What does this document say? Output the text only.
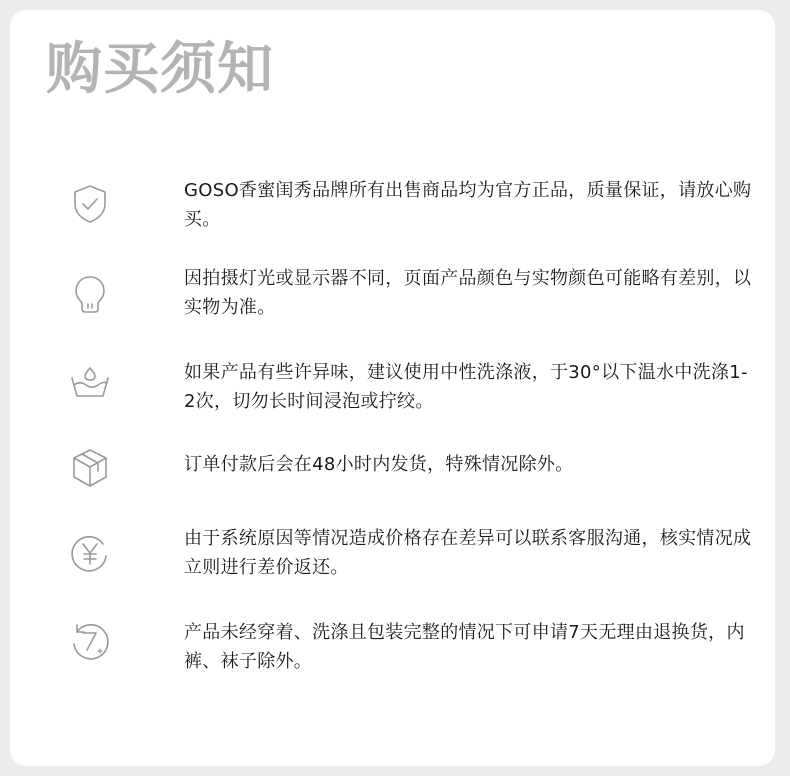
购买须知

GOSO香蜜闺秀品牌所有出售商品均为官方正品，质量保证，请放心购买。

因拍摄灯光或显示器不同，页面产品颜色与实物颜色可能略有差别，以实物为准。

如果产品有些许异味，建议使用中性洗涤液，于30°以下温水中洗涤1-2次，切勿长时间浸泡或拧绞。

订单付款后会在48小时内发货，特殊情况除外。

由于系统原因等情况造成价格存在差异可以联系客服沟通，核实情况成立则进行差价返还。

产品未经穿着、洗涤且包装完整的情况下可申请7天无理由退换货，内裤、袜子除外。
